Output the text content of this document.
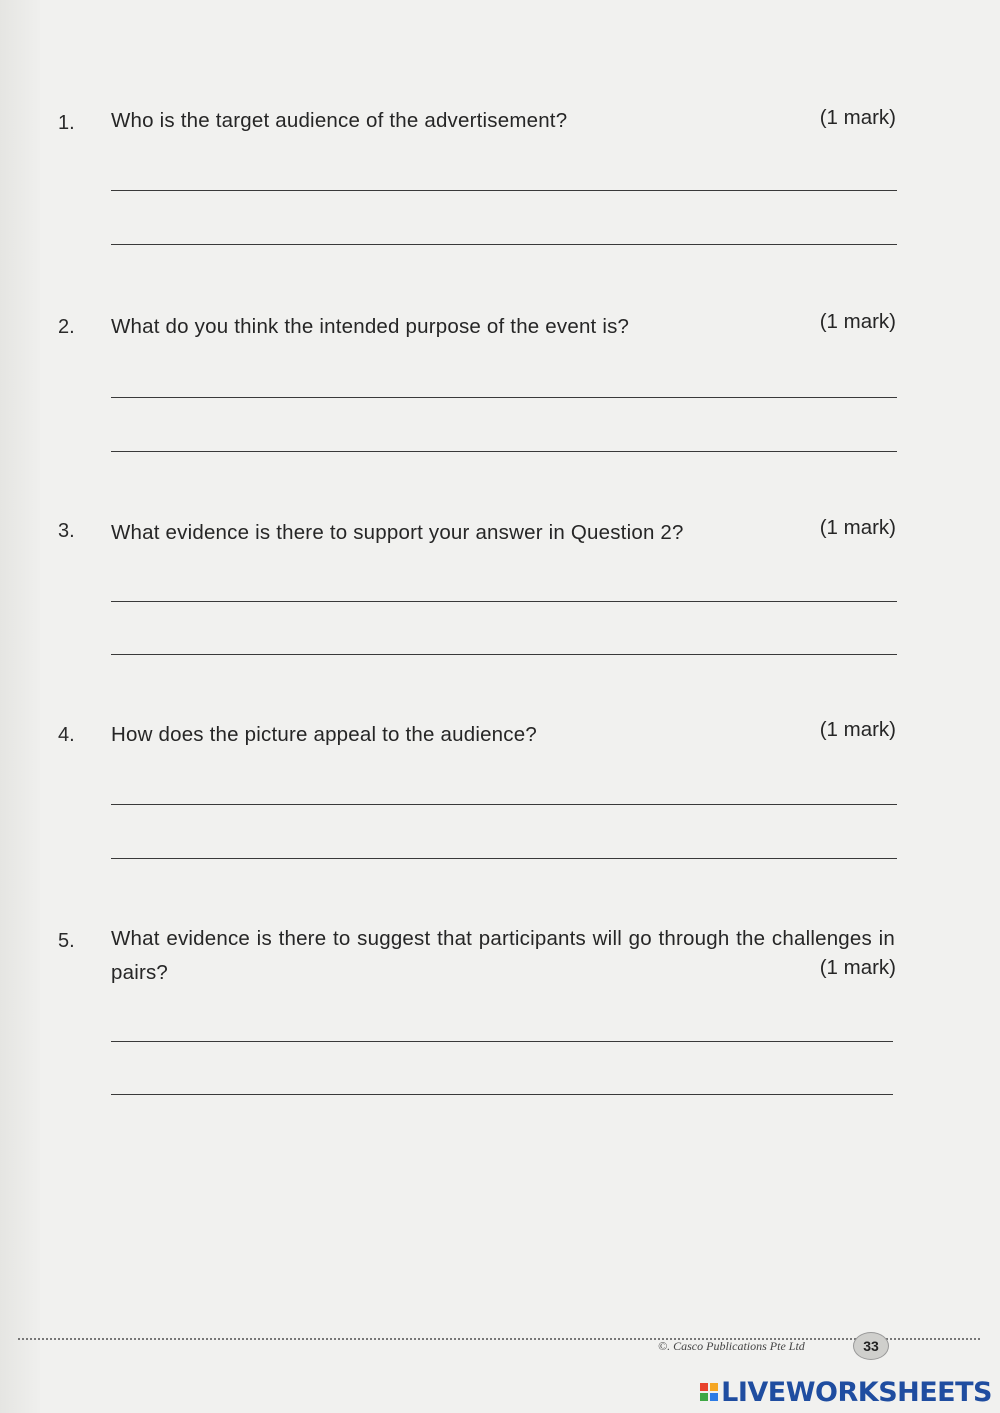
1. Who is the target audience of the advertisement?	(1 mark)
2. What do you think the intended purpose of the event is?	(1 mark)
3. What evidence is there to support your answer in Question 2?	(1 mark)
4. How does the picture appeal to the audience?	(1 mark)
5. What evidence is there to suggest that participants will go through the challenges in pairs?	(1 mark)
©. Casco Publications Pte Ltd	33
LIVEWORKSHEETS
